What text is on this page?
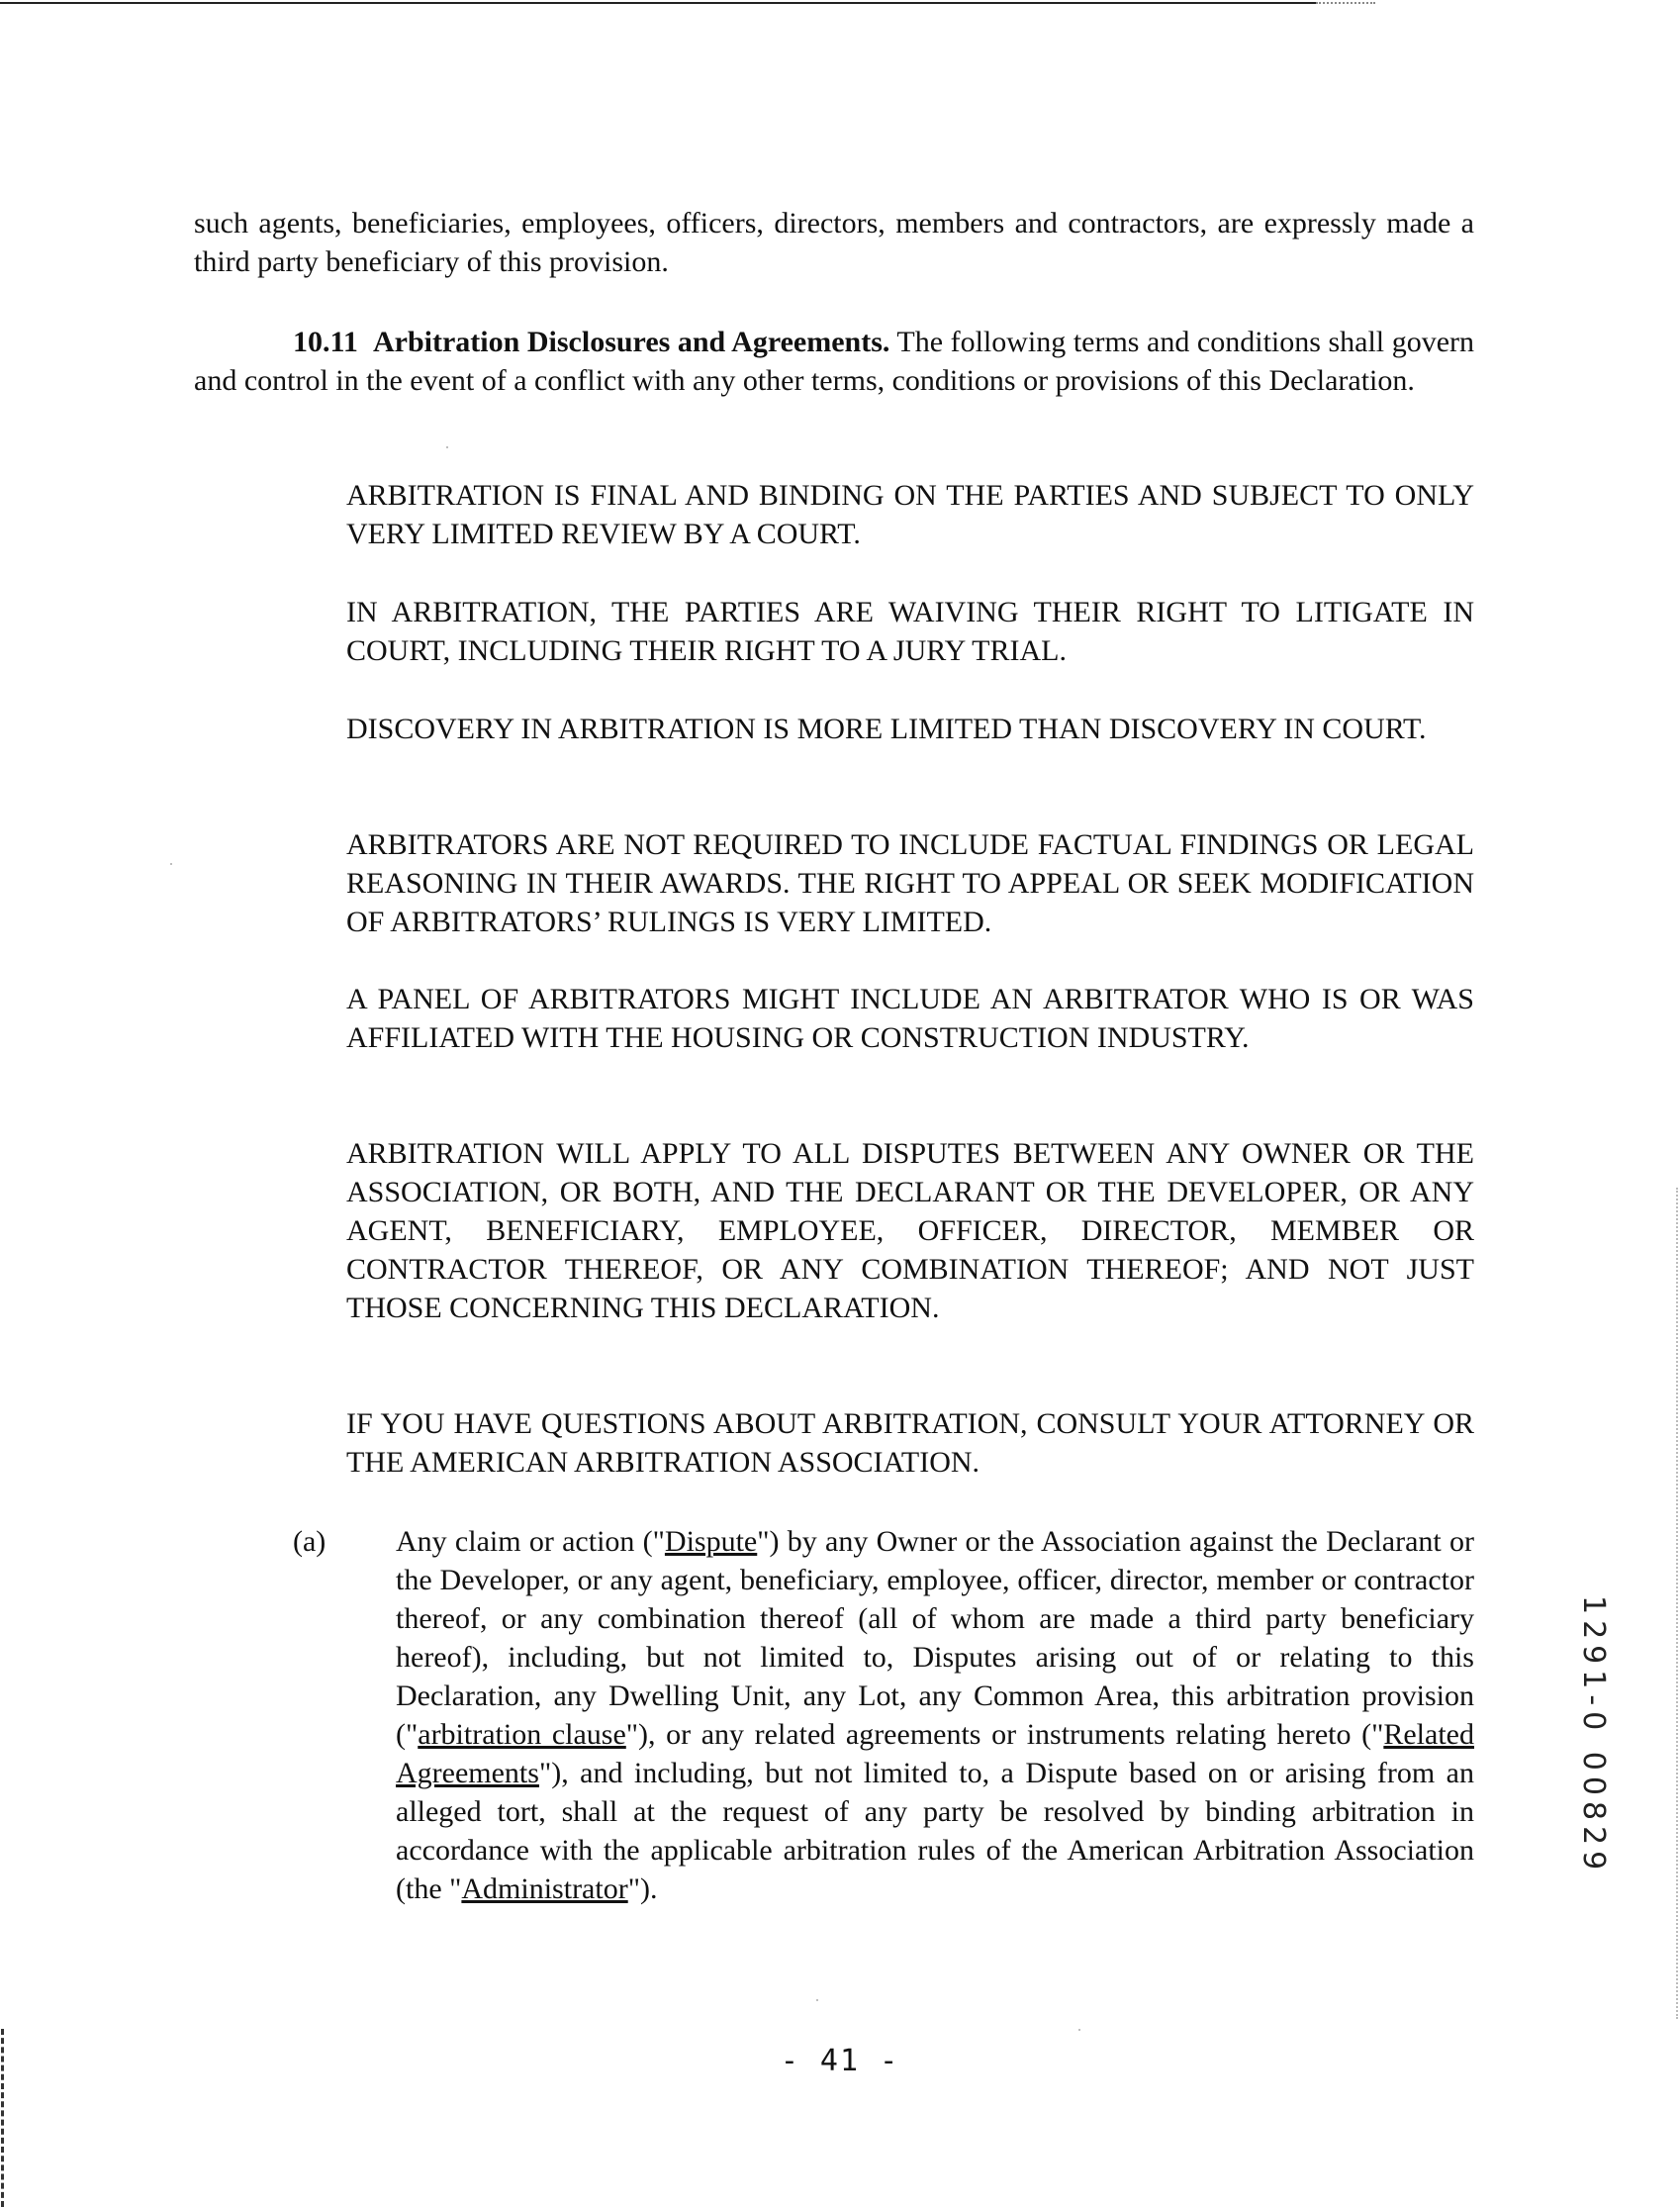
such agents, beneficiaries, employees, officers, directors, members and contractors, are expressly made a third party beneficiary of this provision.

10.11 Arbitration Disclosures and Agreements. The following terms and conditions shall govern and control in the event of a conflict with any other terms, conditions or provisions of this Declaration.

ARBITRATION IS FINAL AND BINDING ON THE PARTIES AND SUBJECT TO ONLY VERY LIMITED REVIEW BY A COURT.

IN ARBITRATION, THE PARTIES ARE WAIVING THEIR RIGHT TO LITIGATE IN COURT, INCLUDING THEIR RIGHT TO A JURY TRIAL.

DISCOVERY IN ARBITRATION IS MORE LIMITED THAN DISCOVERY IN COURT.

ARBITRATORS ARE NOT REQUIRED TO INCLUDE FACTUAL FINDINGS OR LEGAL REASONING IN THEIR AWARDS. THE RIGHT TO APPEAL OR SEEK MODIFICATION OF ARBITRATORS’ RULINGS IS VERY LIMITED.

A PANEL OF ARBITRATORS MIGHT INCLUDE AN ARBITRATOR WHO IS OR WAS AFFILIATED WITH THE HOUSING OR CONSTRUCTION INDUSTRY.

ARBITRATION WILL APPLY TO ALL DISPUTES BETWEEN ANY OWNER OR THE ASSOCIATION, OR BOTH, AND THE DECLARANT OR THE DEVELOPER, OR ANY AGENT, BENEFICIARY, EMPLOYEE, OFFICER, DIRECTOR, MEMBER OR CONTRACTOR THEREOF, OR ANY COMBINATION THEREOF; AND NOT JUST THOSE CONCERNING THIS DECLARATION.

IF YOU HAVE QUESTIONS ABOUT ARBITRATION, CONSULT YOUR ATTORNEY OR THE AMERICAN ARBITRATION ASSOCIATION.

(a) Any claim or action ("Dispute") by any Owner or the Association against the Declarant or the Developer, or any agent, beneficiary, employee, officer, director, member or contractor thereof, or any combination thereof (all of whom are made a third party beneficiary hereof), including, but not limited to, Disputes arising out of or relating to this Declaration, any Dwelling Unit, any Lot, any Common Area, this arbitration provision ("arbitration clause"), or any related agreements or instruments relating hereto ("Related Agreements"), and including, but not limited to, a Dispute based on or arising from an alleged tort, shall at the request of any party be resolved by binding arbitration in accordance with the applicable arbitration rules of the American Arbitration Association (the "Administrator").

1291-0 00829
- 41 -
